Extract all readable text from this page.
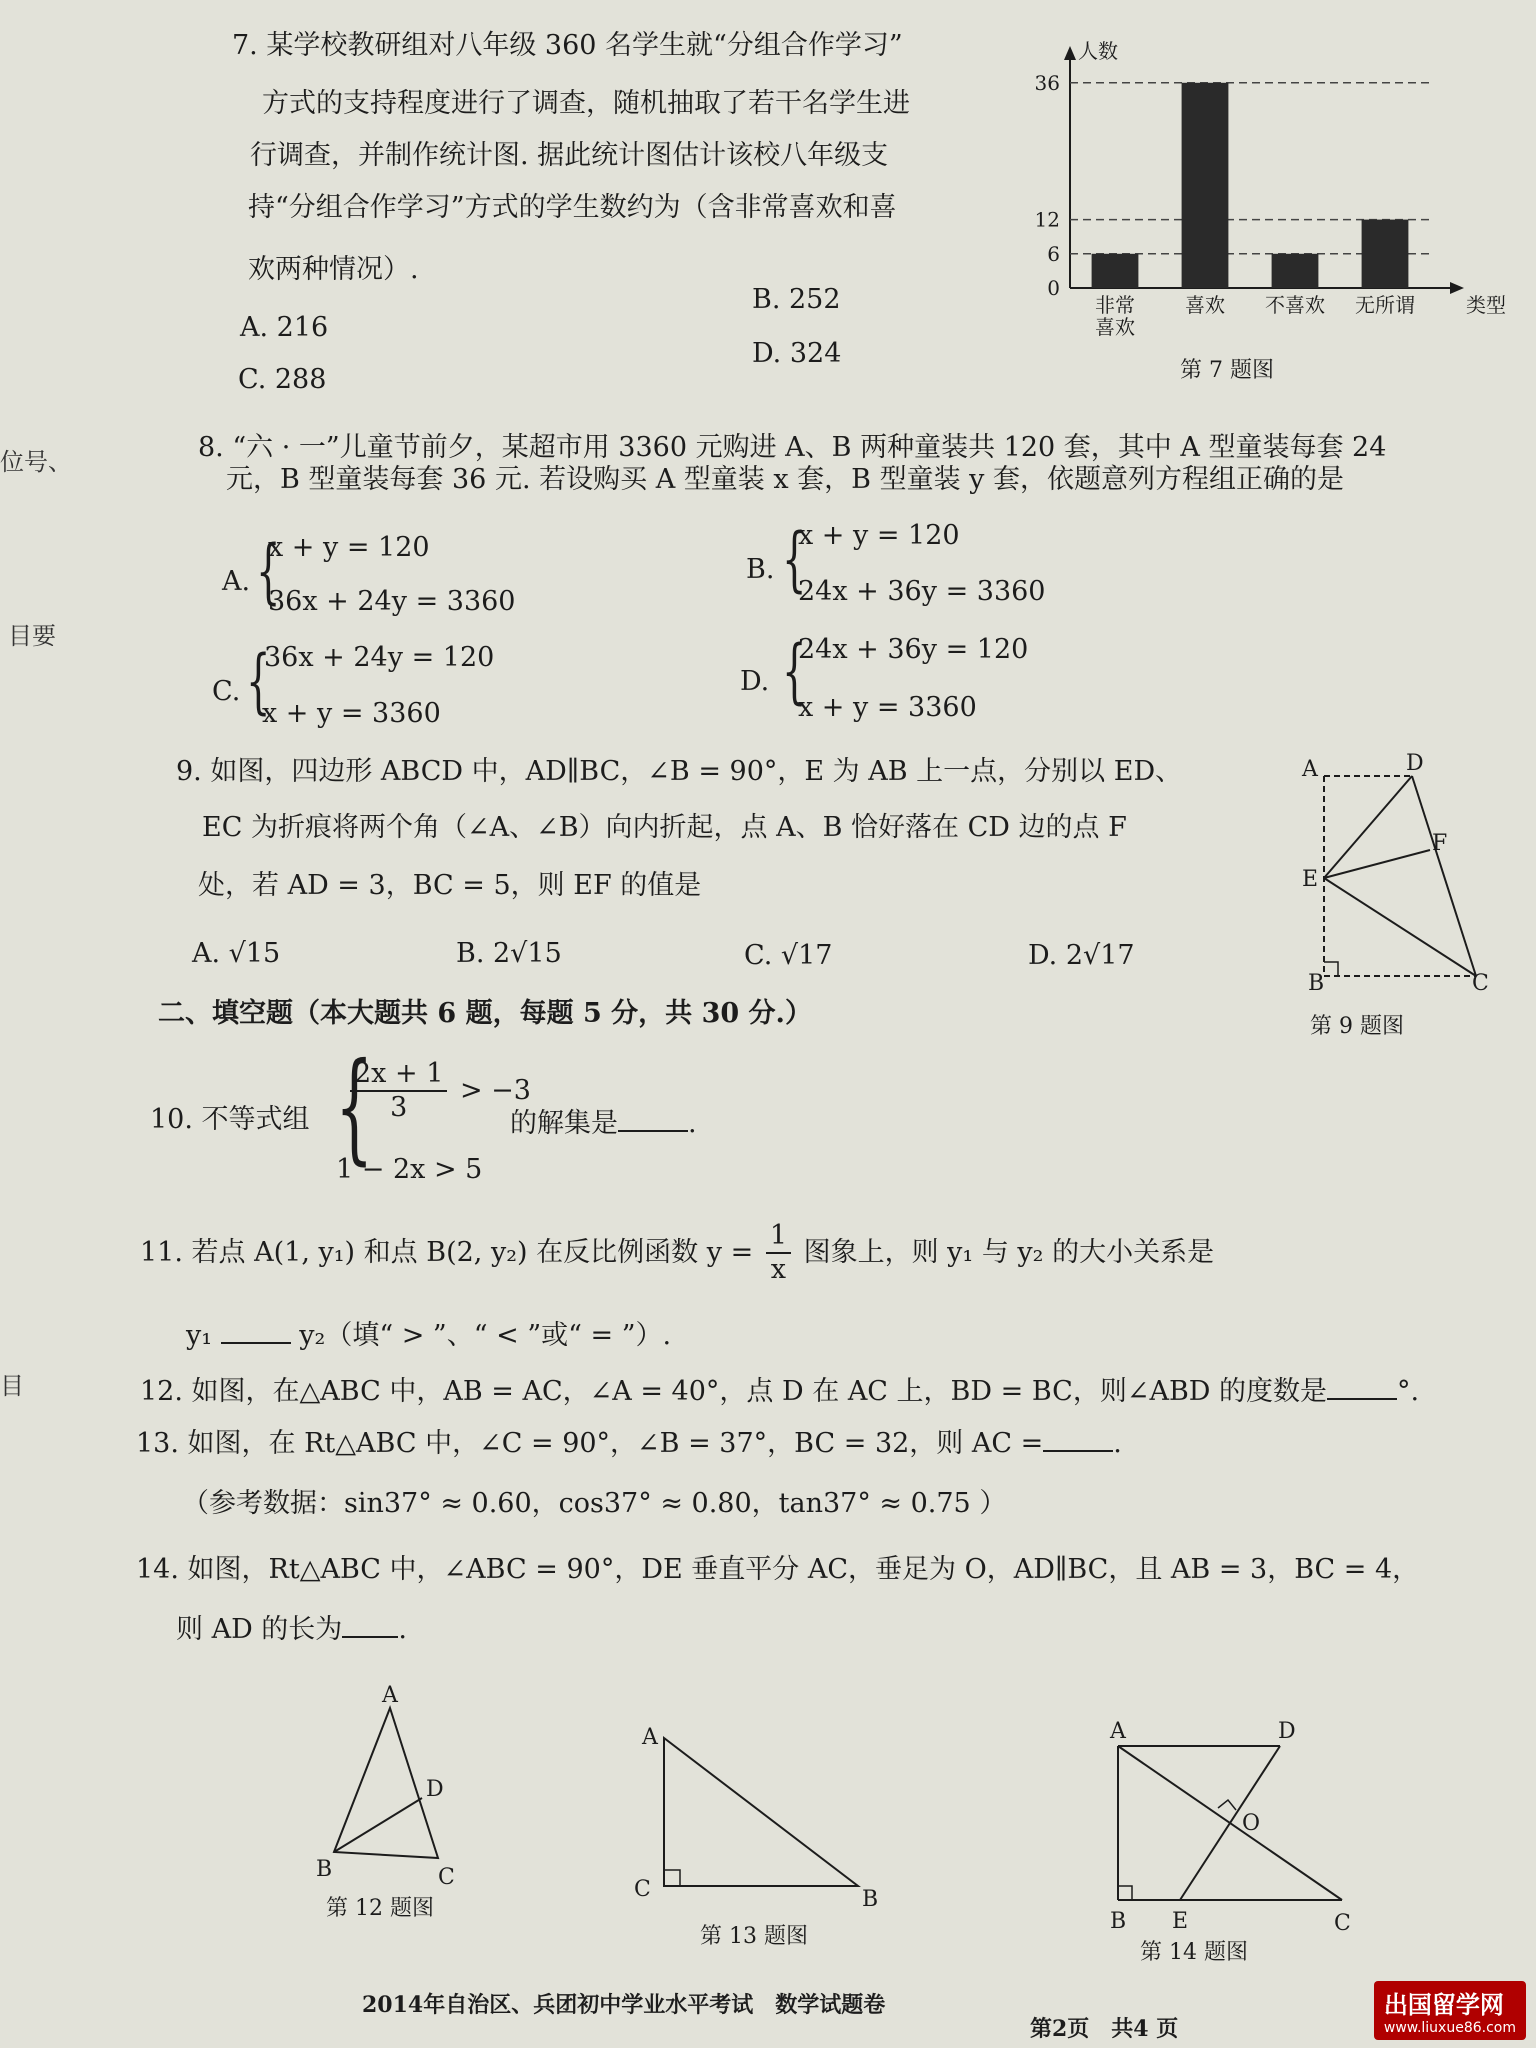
位号、
目要
目
7. 某学校教研组对八年级 360 名学生就“分组合作学习”
方式的支持程度进行了调查，随机抽取了若干名学生进
行调查，并制作统计图. 据此统计图估计该校八年级支
持“分组合作学习”方式的学生数约为（含非常喜欢和喜
欢两种情况）.
A. 216
B. 252
C. 288
D. 324
人数
类型
0
6
12
36
非常
喜欢
喜欢 不喜欢 无所谓
第 7 题图
8. “六 · 一”儿童节前夕，某超市用 3360 元购进 A、B 两种童装共 120 套，其中 A 型童装每套 24
元，B 型童装每套 36 元. 若设购买 A 型童装 x 套，B 型童装 y 套，依题意列方程组正确的是
A. {
x + y = 120
36x + 24y = 3360
B. {
x + y = 120
24x + 36y = 3360
C. {
36x + 24y = 120
x + y = 3360
D. {
24x + 36y = 120
x + y = 3360
9. 如图，四边形 ABCD 中，AD∥BC，∠B = 90°，E 为 AB 上一点，分别以 ED、
EC 为折痕将两个角（∠A、∠B）向内折起，点 A、B 恰好落在 CD 边的点 F
处，若 AD = 3，BC = 5，则 EF 的值是
A. √15	B. 2√15	C. √17	D. 2√17
A	D
F
E
B	C
第 9 题图
二、填空题（本大题共 6 题，每题 5 分，共 30 分.）
10. 不等式组 {
$\frac{2x + 1}{3} > -3$
1 − 2x > 5
的解集是	.
11. 若点 A(1, y₁) 和点 B(2, y₂) 在反比例函数 $y = \frac{1}{x}$ 图象上，则 y₁ 与 y₂ 的大小关系是
y₁	y₂（填“ > ”、“ < ”或“ = ”）.
12. 如图，在△ABC 中，AB = AC，∠A = 40°，点 D 在 AC 上，BD = BC，则∠ABD 的度数是	°.
13. 如图，在 Rt△ABC 中，∠C = 90°，∠B = 37°，BC = 32，则 AC =	.
（参考数据：sin37° ≈ 0.60，cos37° ≈ 0.80，tan37° ≈ 0.75 ）
14. 如图，Rt△ABC 中，∠ABC = 90°，DE 垂直平分 AC，垂足为 O，AD∥BC，且 AB = 3，BC = 4，
则 AD 的长为 .
A
D
B	C
第 12 题图
A
C	B
第 13 题图
A	D
O
B E	C
第 14 题图
2014年自治区、兵团初中学业水平考试　数学试题卷
第2页　共4 页
出国留学网
www.liuxue86.com
